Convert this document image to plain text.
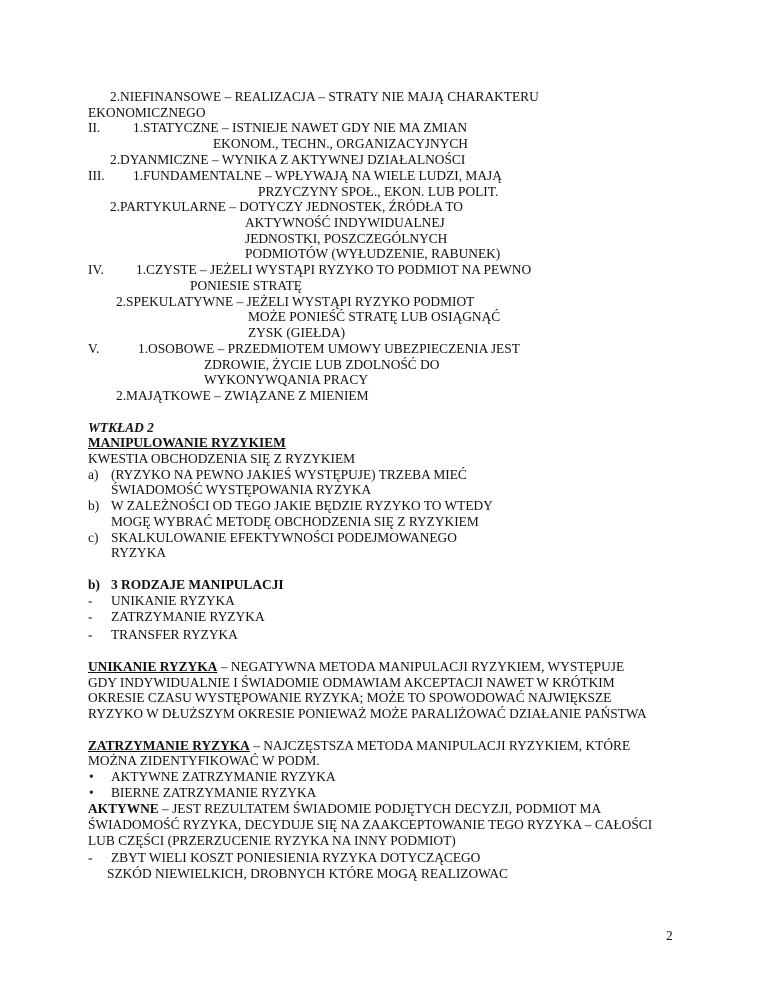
2.NIEFINANSOWE – REALIZACJA – STRATY NIE MAJĄ CHARAKTERU
EKONOMICZNEGO
II. 1.STATYCZNE – ISTNIEJE NAWET GDY NIE MA ZMIAN
EKONOM., TECHN., ORGANIZACYJNYCH
2.DYANMICZNE – WYNIKA Z AKTYWNEJ DZIAŁALNOŚCI
III. 1.FUNDAMENTALNE – WPŁYWAJĄ NA WIELE LUDZI, MAJĄ
PRZYCZYNY SPOŁ., EKON. LUB POLIT.
2.PARTYKULARNE – DOTYCZY JEDNOSTEK, ŹRÓDŁA TO
AKTYWNOŚĆ INDYWIDUALNEJ
JEDNOSTKI, POSZCZEGÓLNYCH
PODMIOTÓW (WYŁUDZENIE, RABUNEK)
IV. 1.CZYSTE – JEŻELI WYSTĄPI RYZYKO TO PODMIOT NA PEWNO
PONIESIE STRATĘ
2.SPEKULATYWNE – JEŻELI WYSTĄPI RYZYKO PODMIOT
MOŻE PONIEŚĆ STRATĘ LUB OSIĄGNĄĆ
ZYSK (GIEŁDA)
V.	1.OSOBOWE – PRZEDMIOTEM UMOWY UBEZPIECZENIA JEST
ZDROWIE, ŻYCIE LUB ZDOLNOŚĆ DO
WYKONYWQANIA PRACY
2.MAJĄTKOWE – ZWIĄZANE Z MIENIEM
WTKŁAD 2
MANIPULOWANIE RYZYKIEM
KWESTIA OBCHODZENIA SIĘ Z RYZYKIEM
a) (RYZYKO NA PEWNO JAKIEŚ WYSTĘPUJE) TRZEBA MIEĆ
ŚWIADOMOŚĆ WYSTĘPOWANIA RYZYKA
b) W ZALEŻNOŚCI OD TEGO JAKIE BĘDZIE RYZYKO TO WTEDY
MOGĘ WYBRAĆ METODĘ OBCHODZENIA SIĘ Z RYZYKIEM
c) SKALKULOWANIE EFEKTYWNOŚCI PODEJMOWANEGO
RYZYKA
b) 3 RODZAJE MANIPULACJI
- UNIKANIE RYZYKA
- ZATRZYMANIE RYZYKA
- TRANSFER RYZYKA
UNIKANIE RYZYKA – NEGATYWNA METODA MANIPULACJI RYZYKIEM, WYSTĘPUJE
GDY INDYWIDUALNIE I ŚWIADOMIE ODMAWIAM AKCEPTACJI NAWET W KRÓTKIM
OKRESIE CZASU WYSTĘPOWANIE RYZYKA; MOŻE TO SPOWODOWAĆ NAJWIĘKSZE
RYZYKO W DŁUŻSZYM OKRESIE PONIEWAŻ MOŻE PARALIŻOWAĆ DZIAŁANIE PAŃSTWA
ZATRZYMANIE RYZYKA – NAJCZĘSTSZA METODA MANIPULACJI RYZYKIEM, KTÓRE
MOŻNA ZIDENTYFIKOWAĆ W PODM.
• AKTYWNE ZATRZYMANIE RYZYKA
• BIERNE ZATRZYMANIE RYZYKA
AKTYWNE – JEST REZULTATEM ŚWIADOMIE PODJĘTYCH DECYZJI, PODMIOT MA
ŚWIADOMOŚĆ RYZYKA, DECYDUJE SIĘ NA ZAAKCEPTOWANIE TEGO RYZYKA – CAŁOŚCI
LUB CZĘŚCI (PRZERZUCENIE RYZYKA NA INNY PODMIOT)
- ZBYT WIELI KOSZT PONIESIENIA RYZYKA DOTYCZĄCEGO
SZKÓD NIEWIELKICH, DROBNYCH KTÓRE MOGĄ REALIZOWAC
2
